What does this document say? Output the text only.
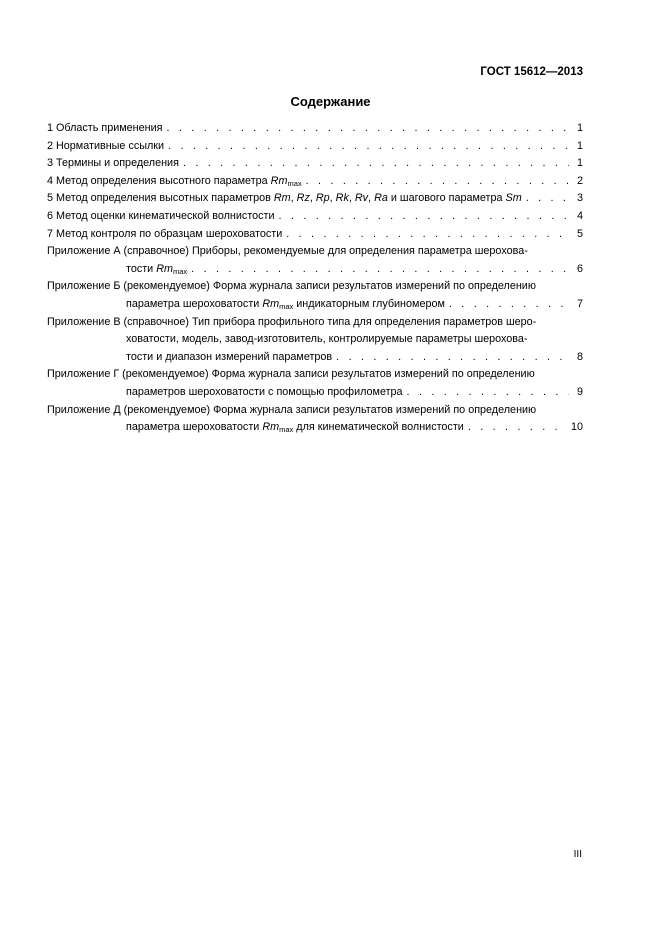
ГОСТ 15612—2013
Содержание
1 Область применения . . .	1
2 Нормативные ссылки . . .	1
3 Термины и определения . . .	1
4 Метод определения высотного параметра $Rm_{max}$ . . .	2
5 Метод определения высотных параметров Rm, Rz, Rp, Rk, Rv, Ra и шагового параметра Sm . . .	3
6 Метод оценки кинематической волнистости . . .	4
7 Метод контроля по образцам шероховатости . . .	5
Приложение А (справочное) Приборы, рекомендуемые для определения параметра шерохова-
тости $Rm_{max}$ . . .	6
Приложение Б (рекомендуемое) Форма журнала записи результатов измерений по определению
параметра шероховатости $Rm_{max}$ индикаторным глубиномером . . .	7
Приложение В (справочное) Тип прибора профильного типа для определения параметров шеро-
ховатости, модель, завод-изготовитель, контролируемые параметры шерохова-
тости и диапазон измерений параметров . . .	8
Приложение Г (рекомендуемое) Форма журнала записи результатов измерений по определению
параметров шероховатости с помощью профилометра . . .	9
Приложение Д (рекомендуемое) Форма журнала записи результатов измерений по определению
параметра шероховатости $Rm_{max}$ для кинематической волнистости . . .	10
III
